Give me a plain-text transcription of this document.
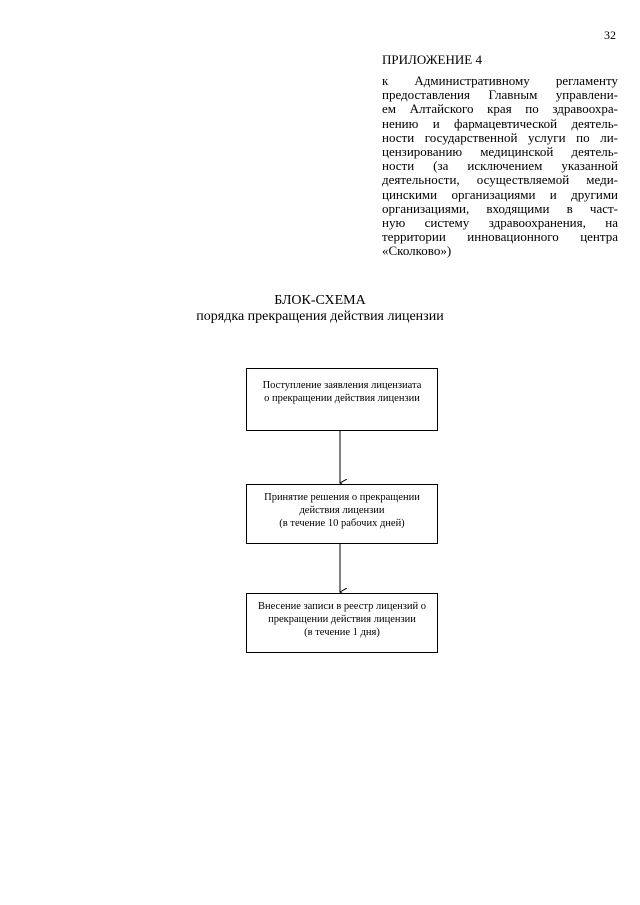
32
ПРИЛОЖЕНИЕ 4
к Административному регламенту
предоставления Главным управлени-
ем Алтайского края по здравоохра-
нению и фармацевтической деятель-
ности государственной услуги по ли-
цензированию медицинской деятель-
ности (за исключением указанной
деятельности, осуществляемой меди-
цинскими организациями и другими
организациями, входящими в част-
ную систему здравоохранения, на
территории инновационного центра
«Сколково»)
БЛОК-СХЕМА
порядка прекращения действия лицензии
Поступление заявления лицензиата
о прекращении действия лицензии
Принятие решения о прекращении
действия лицензии
(в течение 10 рабочих дней)
Внесение записи в реестр лицензий о
прекращении действия лицензии
(в течение 1 дня)
